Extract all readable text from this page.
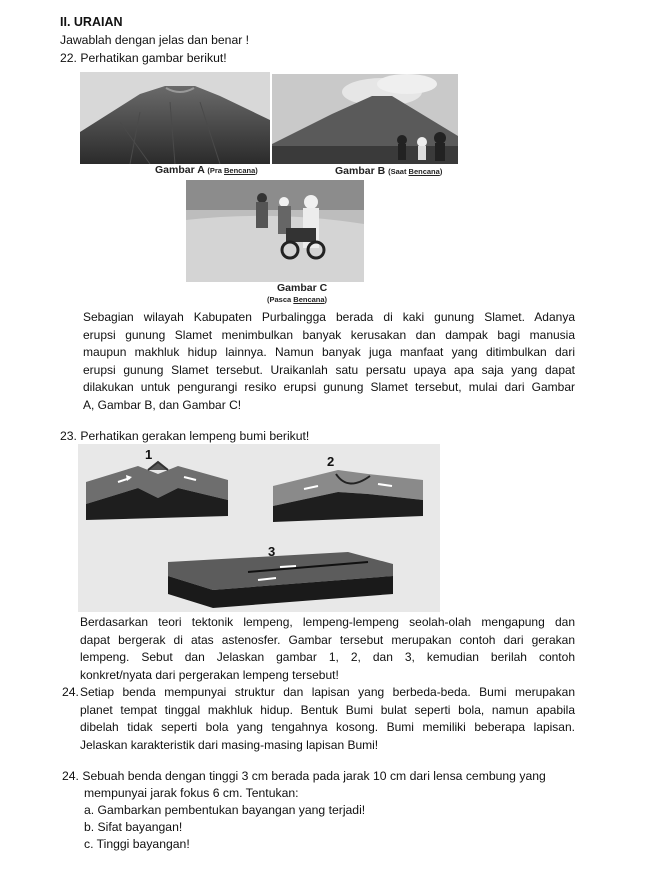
II. URAIAN
Jawablah dengan jelas dan benar !
22. Perhatikan gambar berikut!
Gambar A (Pra Bencana)	Gambar B (Saat Bencana)
Gambar C
(Pasca Bencana)
Sebagian wilayah Kabupaten Purbalingga berada di kaki gunung Slamet. Adanya
erupsi gunung Slamet menimbulkan banyak kerusakan dan dampak bagi manusia
maupun makhluk hidup lainnya. Namun banyak juga manfaat yang ditimbulkan dari
erupsi gunung Slamet tersebut. Uraikanlah satu persatu upaya apa saja yang dapat
dilakukan untuk pengurangi resiko erupsi gunung Slamet tersebut, mulai dari Gambar
A, Gambar B, dan Gambar C!
23. Perhatikan gerakan lempeng bumi berikut!
1	2
3
Berdasarkan teori tektonik lempeng, lempeng-lempeng seolah-olah mengapung dan
dapat bergerak di atas astenosfer. Gambar tersebut merupakan contoh dari gerakan
lempeng. Sebut dan Jelaskan gambar 1, 2, dan 3, kemudian berilah contoh
konkret/nyata dari pergerakan lempeng tersebut!
24. Setiap benda mempunyai struktur dan lapisan yang berbeda-beda. Bumi merupakan
planet tempat tinggal makhluk hidup. Bentuk Bumi bulat seperti bola, namun apabila
dibelah tidak seperti bola yang tengahnya kosong. Bumi memiliki beberapa lapisan.
Jelaskan karakteristik dari masing-masing lapisan Bumi!
24. Sebuah benda dengan tinggi 3 cm berada pada jarak 10 cm dari lensa cembung yang
mempunyai jarak fokus 6 cm. Tentukan:
a. Gambarkan pembentukan bayangan yang terjadi!
b. Sifat bayangan!
c. Tinggi bayangan!
